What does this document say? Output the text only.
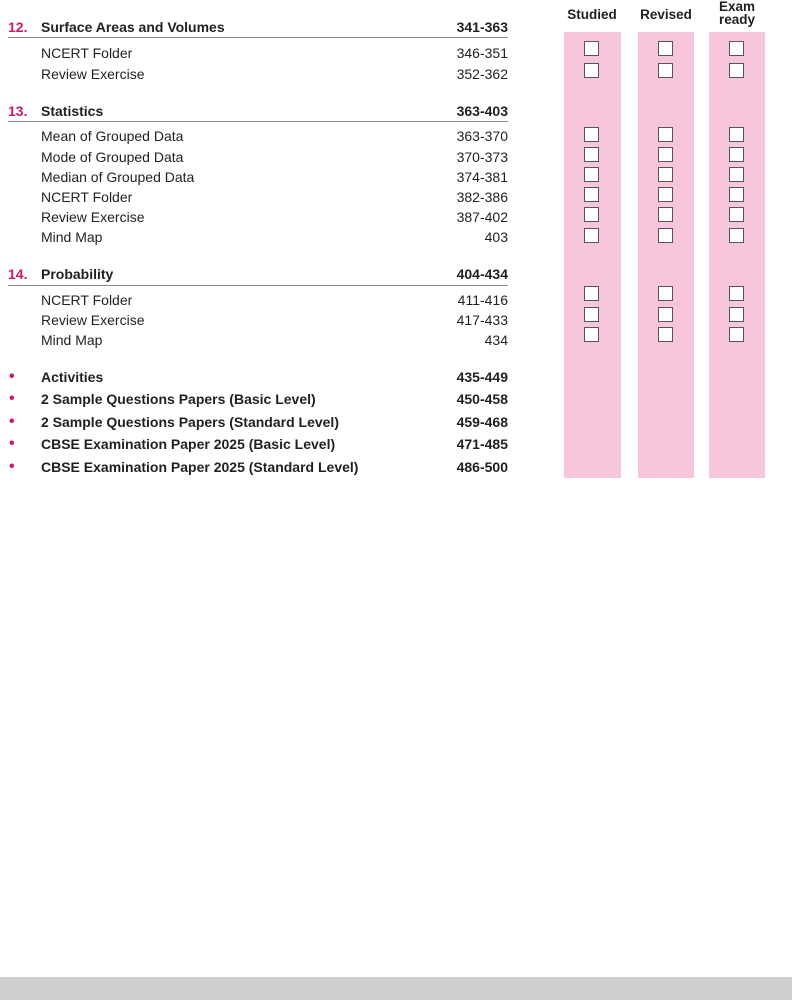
Studied	Revised
Exam ready
12. Surface Areas and Volumes	341-363
NCERT Folder	346-351
Review Exercise	352-362
13. Statistics	363-403
Mean of Grouped Data	363-370
Mode of Grouped Data	370-373
Median of Grouped Data	374-381
NCERT Folder	382-386
Review Exercise	387-402
Mind Map	403
14. Probability	404-434
NCERT Folder	411-416
Review Exercise	417-433
Mind Map	434
• Activities	435-449
• 2 Sample Questions Papers (Basic Level)	450-458
• 2 Sample Questions Papers (Standard Level)	459-468
• CBSE Examination Paper 2025 (Basic Level)	471-485
• CBSE Examination Paper 2025 (Standard Level)	486-500
